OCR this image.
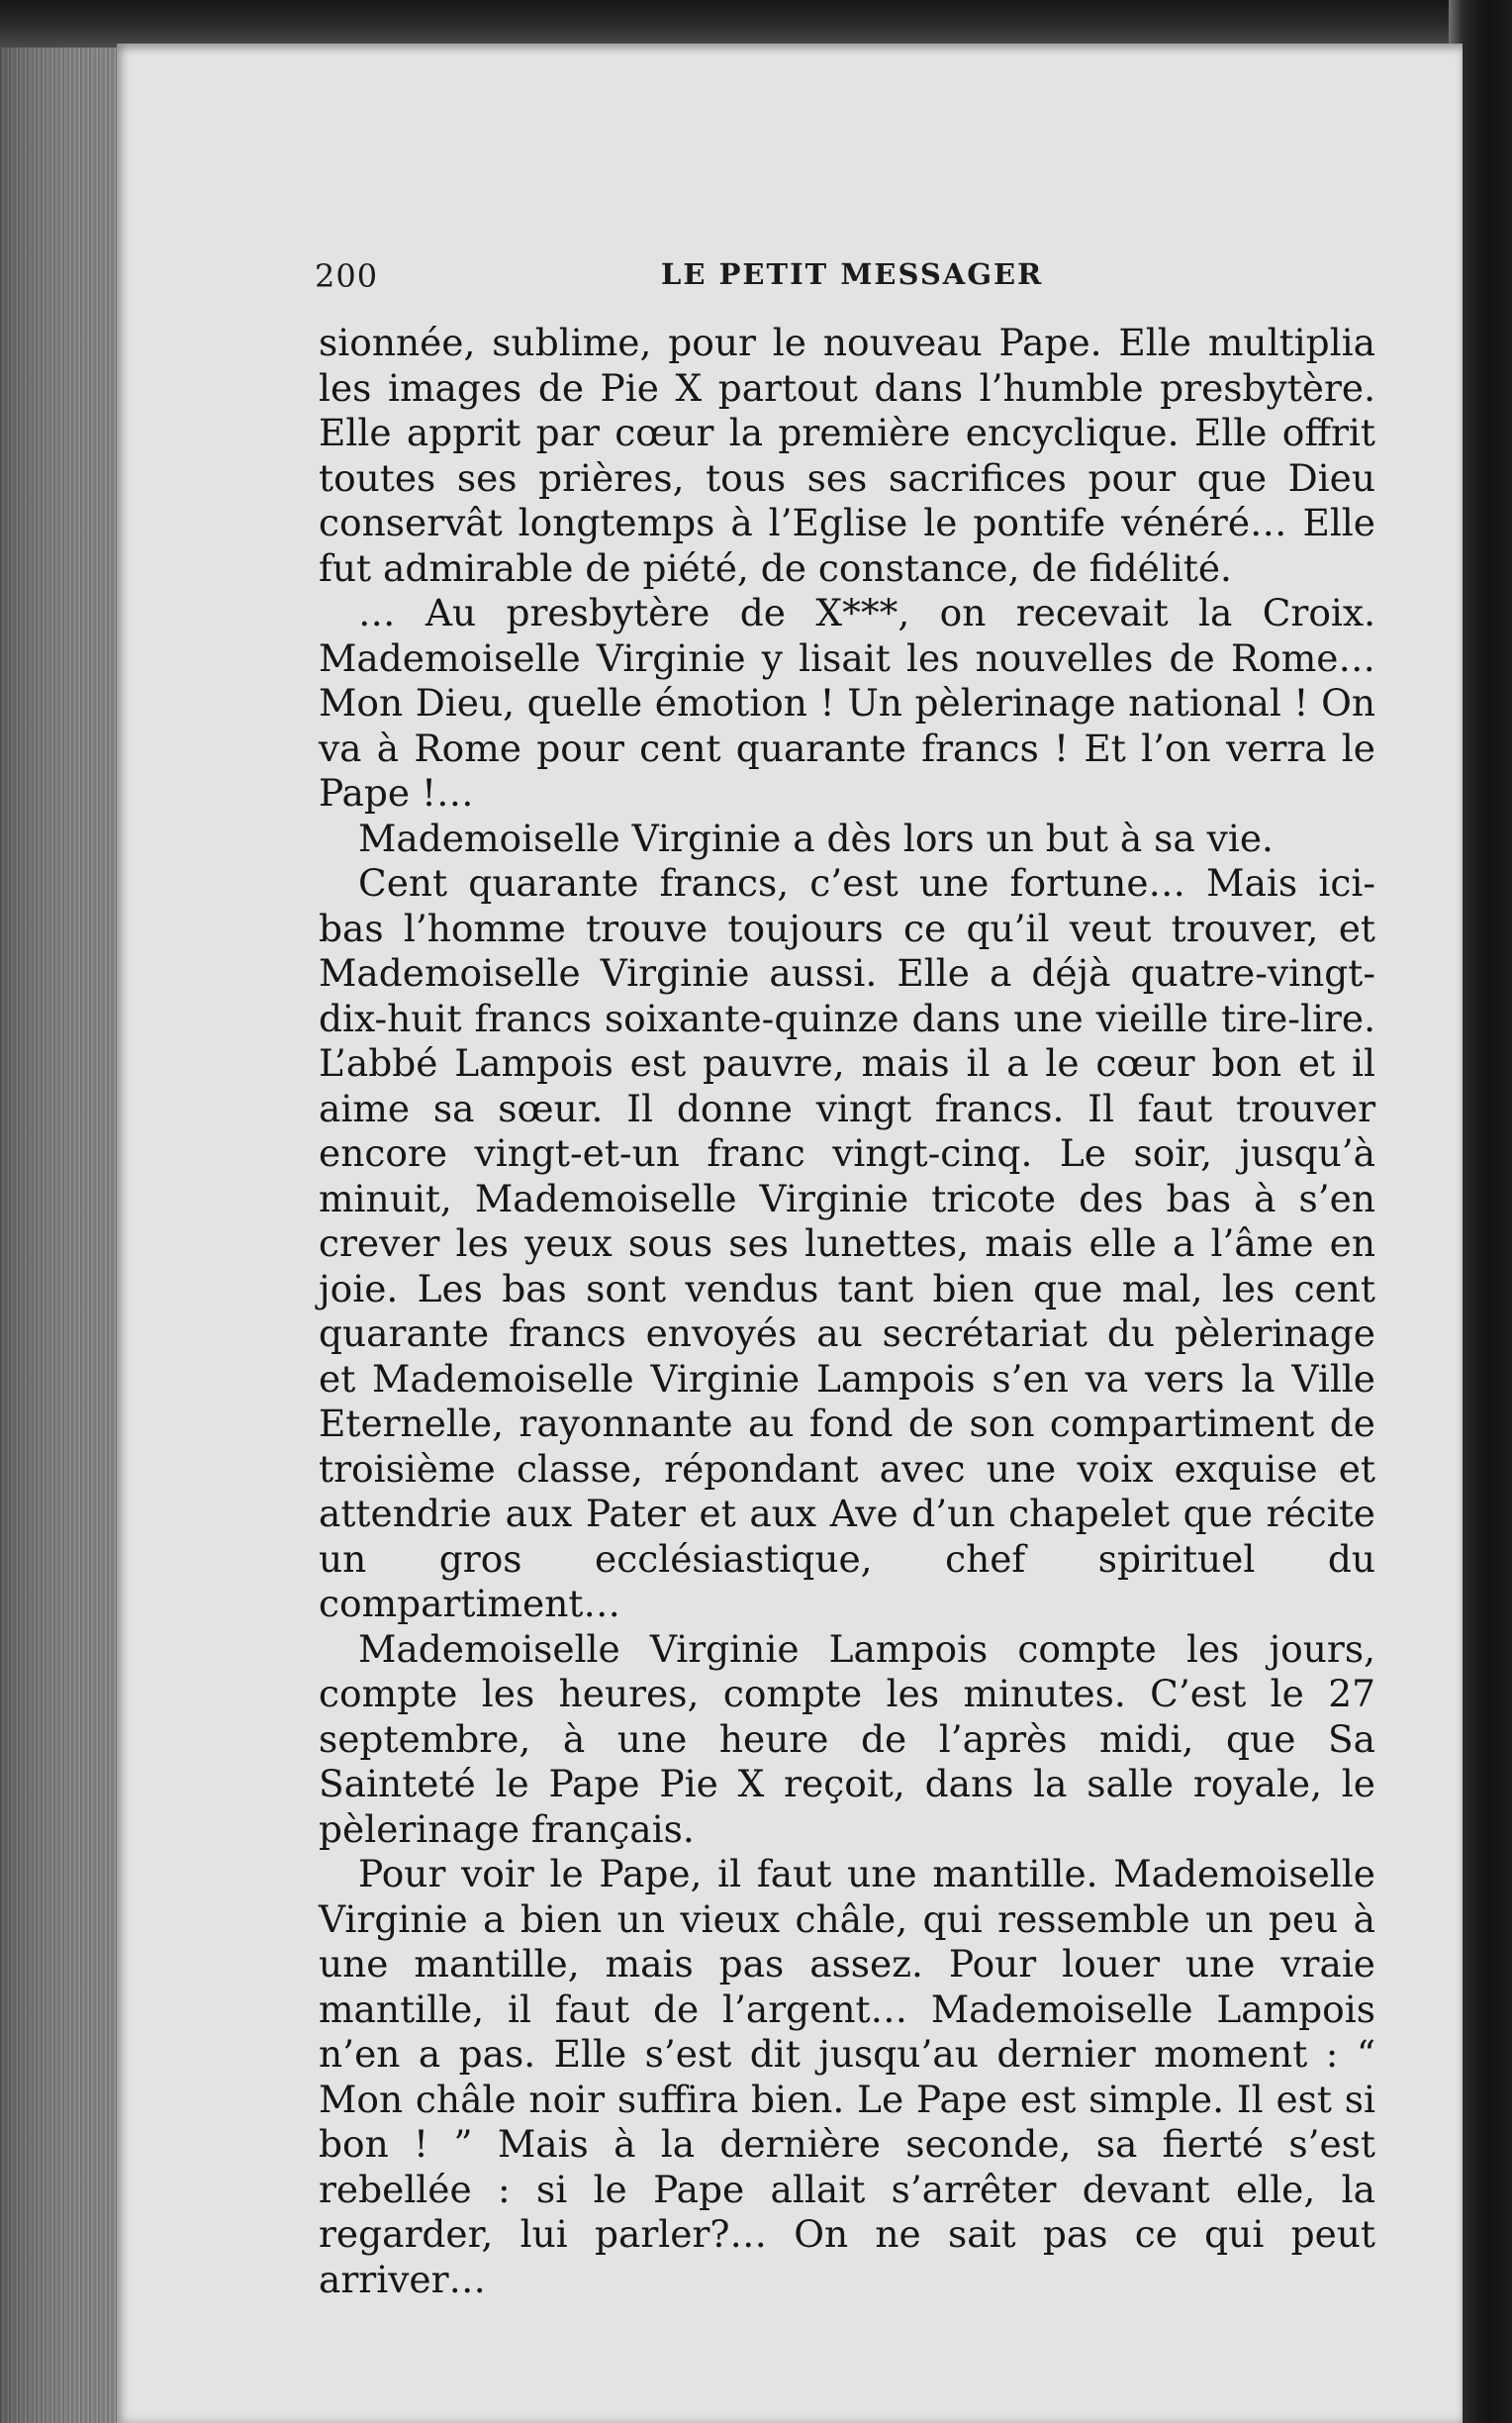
200	LE PETIT MESSAGER

sionnée, sublime, pour le nouveau Pape. Elle multiplia les images de Pie X partout dans l’humble presbytère. Elle apprit par cœur la première encyclique. Elle offrit toutes ses prières, tous ses sacrifices pour que Dieu conservât longtemps à l’Eglise le pontife vénéré… Elle fut admirable de piété, de constance, de fidélité.

… Au presbytère de X***, on recevait la Croix. Mademoiselle Virginie y lisait les nouvelles de Rome… Mon Dieu, quelle émotion ! Un pèlerinage national ! On va à Rome pour cent quarante francs ! Et l’on verra le Pape !…

Mademoiselle Virginie a dès lors un but à sa vie.

Cent quarante francs, c’est une fortune… Mais ici-bas l’homme trouve toujours ce qu’il veut trouver, et Mademoiselle Virginie aussi. Elle a déjà quatre-vingt-dix-huit francs soixante-quinze dans une vieille tire-lire. L’abbé Lampois est pauvre, mais il a le cœur bon et il aime sa sœur. Il donne vingt francs. Il faut trouver encore vingt-et-un franc vingt-cinq. Le soir, jusqu’à minuit, Mademoiselle Virginie tricote des bas à s’en crever les yeux sous ses lunettes, mais elle a l’âme en joie. Les bas sont vendus tant bien que mal, les cent quarante francs envoyés au secrétariat du pèlerinage et Mademoiselle Virginie Lampois s’en va vers la Ville Eternelle, rayonnante au fond de son compartiment de troisième classe, répondant avec une voix exquise et attendrie aux Pater et aux Ave d’un chapelet que récite un gros ecclésiastique, chef spirituel du compartiment…

Mademoiselle Virginie Lampois compte les jours, compte les heures, compte les minutes. C’est le 27 septembre, à une heure de l’après midi, que Sa Sainteté le Pape Pie X reçoit, dans la salle royale, le pèlerinage français.

Pour voir le Pape, il faut une mantille. Mademoiselle Virginie a bien un vieux châle, qui ressemble un peu à une mantille, mais pas assez. Pour louer une vraie mantille, il faut de l’argent… Mademoiselle Lampois n’en a pas. Elle s’est dit jusqu’au dernier moment : “ Mon châle noir suffira bien. Le Pape est simple. Il est si bon ! ” Mais à la dernière seconde, sa fierté s’est rebellée : si le Pape allait s’arrêter devant elle, la regarder, lui parler?… On ne sait pas ce qui peut arriver…
